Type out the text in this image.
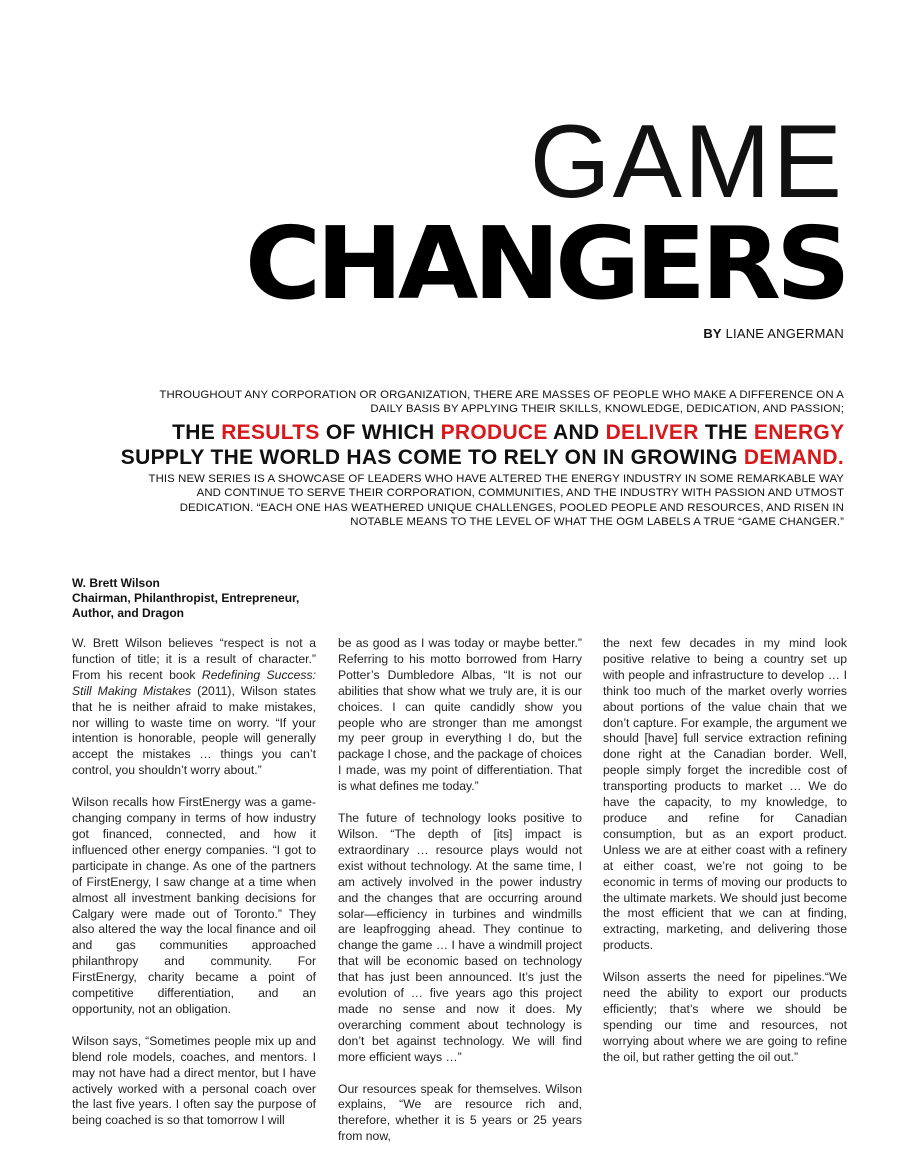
GAME
CHANGERS
BY LIANE ANGERMAN
THROUGHOUT ANY CORPORATION OR ORGANIZATION, THERE ARE MASSES OF PEOPLE WHO MAKE A DIFFERENCE ON A DAILY BASIS BY APPLYING THEIR SKILLS, KNOWLEDGE, DEDICATION, AND PASSION;
THE RESULTS OF WHICH PRODUCE AND DELIVER THE ENERGY SUPPLY THE WORLD HAS COME TO RELY ON IN GROWING DEMAND.
THIS NEW SERIES IS A SHOWCASE OF LEADERS WHO HAVE ALTERED THE ENERGY INDUSTRY IN SOME REMARKABLE WAY AND CONTINUE TO SERVE THEIR CORPORATION, COMMUNITIES, AND THE INDUSTRY WITH PASSION AND UTMOST DEDICATION. “EACH ONE HAS WEATHERED UNIQUE CHALLENGES, POOLED PEOPLE AND RESOURCES, AND RISEN IN NOTABLE MEANS TO THE LEVEL OF WHAT THE OGM LABELS A TRUE “GAME CHANGER.”
W. Brett Wilson
Chairman, Philanthropist, Entrepreneur, Author, and Dragon

W. Brett Wilson believes “respect is not a function of title; it is a result of character.” From his recent book Redefining Success: Still Making Mistakes (2011), Wilson states that he is neither afraid to make mistakes, nor willing to waste time on worry. “If your intention is honorable, people will generally accept the mistakes … things you can’t control, you shouldn’t worry about.”

Wilson recalls how FirstEnergy was a game-changing company in terms of how industry got financed, connected, and how it influenced other energy companies. “I got to participate in change. As one of the partners of FirstEnergy, I saw change at a time when almost all investment banking decisions for Calgary were made out of Toronto.” They also altered the way the local finance and oil and gas communities approached philanthropy and community. For FirstEnergy, charity became a point of competitive differentiation, and an opportunity, not an obligation.

Wilson says, “Sometimes people mix up and blend role models, coaches, and mentors. I may not have had a direct mentor, but I have actively worked with a personal coach over the last five years. I often say the purpose of being coached is so that tomorrow I will

be as good as I was today or maybe better.” Referring to his motto borrowed from Harry Potter’s Dumbledore Albas, “It is not our abilities that show what we truly are, it is our choices. I can quite candidly show you people who are stronger than me amongst my peer group in everything I do, but the package I chose, and the package of choices I made, was my point of differentiation. That is what defines me today.”

The future of technology looks positive to Wilson. “The depth of [its] impact is extraordinary … resource plays would not exist without technology. At the same time, I am actively involved in the power industry and the changes that are occurring around solar—efficiency in turbines and windmills are leapfrogging ahead. They continue to change the game … I have a windmill project that will be economic based on technology that has just been announced. It’s just the evolution of … five years ago this project made no sense and now it does. My overarching comment about technology is don’t bet against technology. We will find more efficient ways …”

Our resources speak for themselves. Wilson explains, “We are resource rich and, therefore, whether it is 5 years or 25 years from now,

the next few decades in my mind look positive relative to being a country set up with people and infrastructure to develop … I think too much of the market overly worries about portions of the value chain that we don’t capture. For example, the argument we should [have] full service extraction refining done right at the Canadian border. Well, people simply forget the incredible cost of transporting products to market … We do have the capacity, to my knowledge, to produce and refine for Canadian consumption, but as an export product. Unless we are at either coast with a refinery at either coast, we’re not going to be economic in terms of moving our products to the ultimate markets. We should just become the most efficient that we can at finding, extracting, marketing, and delivering those products.

Wilson asserts the need for pipelines.“We need the ability to export our products efficiently; that’s where we should be spending our time and resources, not worrying about where we are going to refine the oil, but rather getting the oil out.”
